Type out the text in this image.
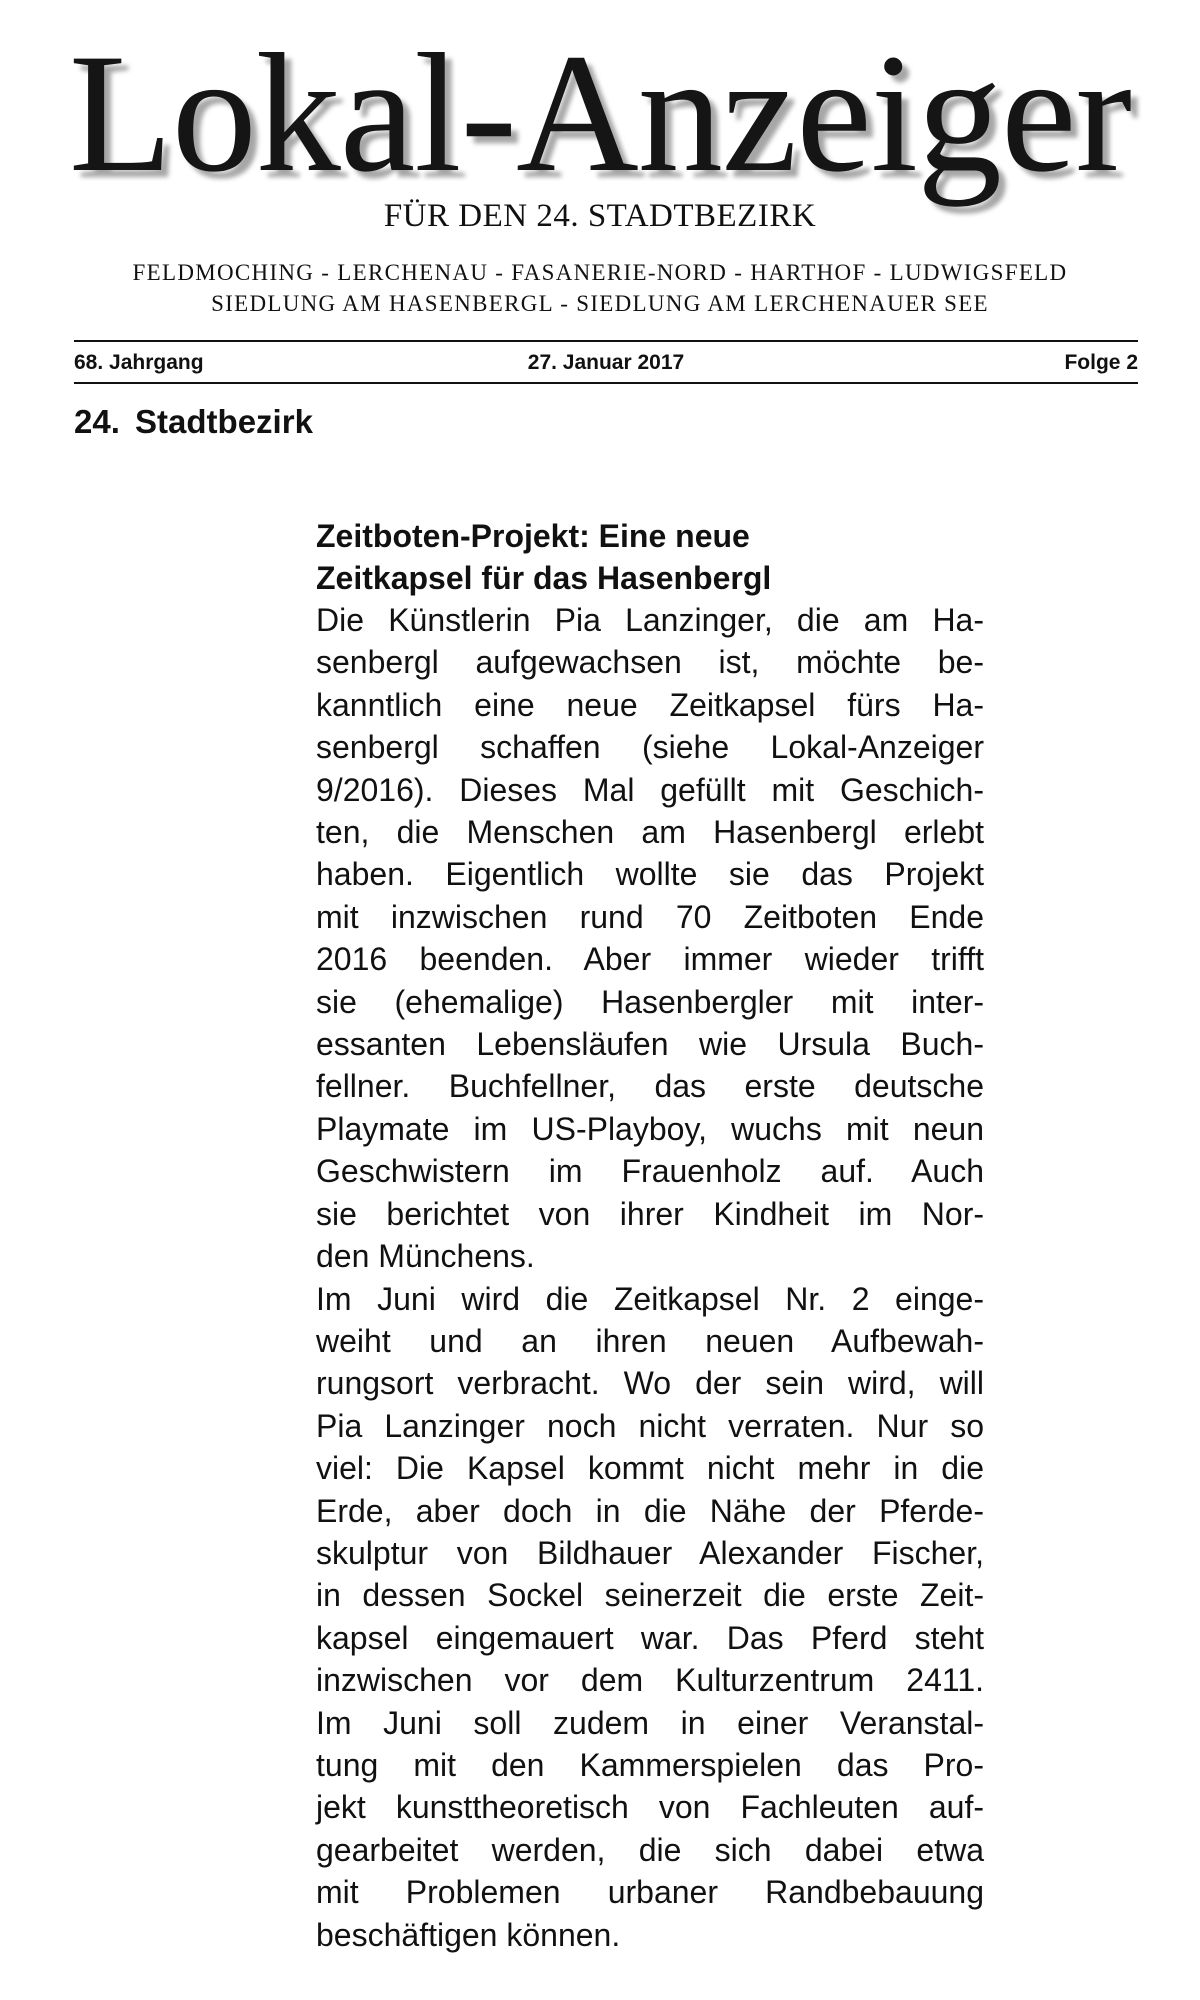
Lokal-Anzeiger
FÜR DEN 24. STADTBEZIRK
FELDMOCHING - LERCHENAU - FASANERIE-NORD - HARTHOF - LUDWIGSFELD
SIEDLUNG AM HASENBERGL - SIEDLUNG AM LERCHENAUER SEE
27. Januar 2017
68. Jahrgang	Folge 2
24. Stadtbezirk
Zeitboten-Projekt: Eine neue
Zeitkapsel für das Hasenbergl
Die Künstlerin Pia Lanzinger, die am Ha-
senbergl aufgewachsen ist, möchte be-
kanntlich eine neue Zeitkapsel fürs Ha-
senbergl schaffen (siehe Lokal-Anzeiger
9/2016). Dieses Mal gefüllt mit Geschich-
ten, die Menschen am Hasenbergl erlebt
haben. Eigentlich wollte sie das Projekt
mit inzwischen rund 70 Zeitboten Ende
2016 beenden. Aber immer wieder trifft
sie (ehemalige) Hasenbergler mit inter-
essanten Lebensläufen wie Ursula Buch-
fellner. Buchfellner, das erste deutsche
Playmate im US-Playboy, wuchs mit neun
Geschwistern im Frauenholz auf. Auch
sie berichtet von ihrer Kindheit im Nor-
den Münchens.
Im Juni wird die Zeitkapsel Nr. 2 einge-
weiht und an ihren neuen Aufbewah-
rungsort verbracht. Wo der sein wird, will
Pia Lanzinger noch nicht verraten. Nur so
viel: Die Kapsel kommt nicht mehr in die
Erde, aber doch in die Nähe der Pferde-
skulptur von Bildhauer Alexander Fischer,
in dessen Sockel seinerzeit die erste Zeit-
kapsel eingemauert war. Das Pferd steht
inzwischen vor dem Kulturzentrum 2411.
Im Juni soll zudem in einer Veranstal-
tung mit den Kammerspielen das Pro-
jekt kunsttheoretisch von Fachleuten auf-
gearbeitet werden, die sich dabei etwa
mit Problemen urbaner Randbebauung
beschäftigen können.
